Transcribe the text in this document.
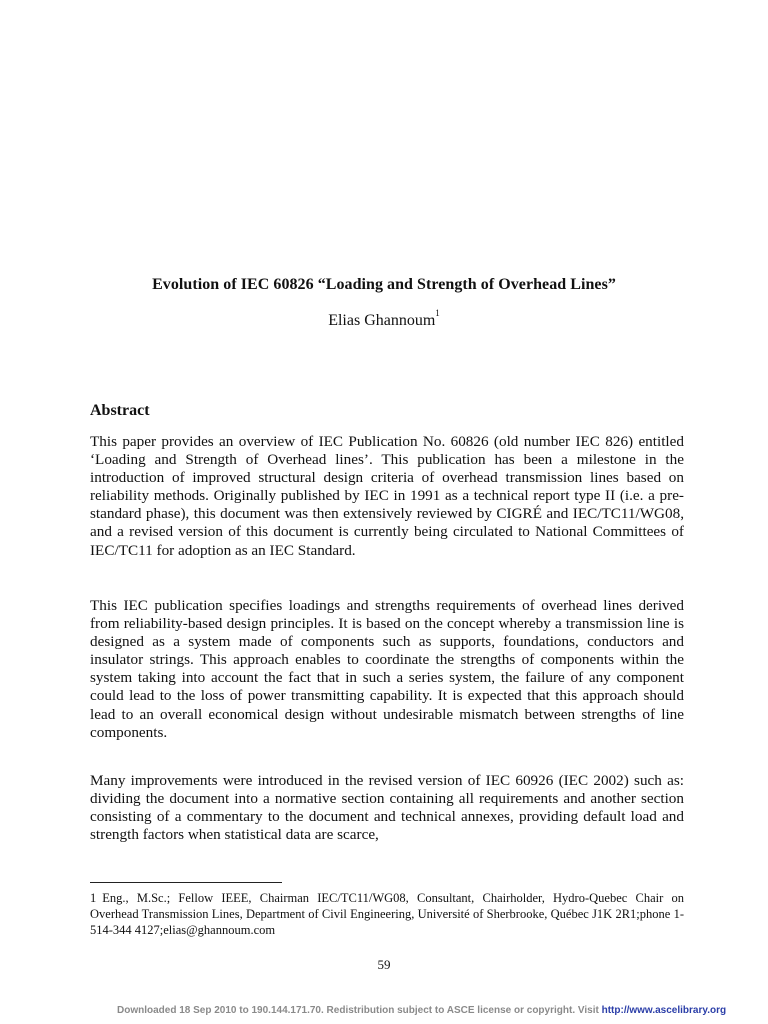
Evolution of IEC 60826 “Loading and Strength of Overhead Lines”
Elias Ghannoum$^1$
Abstract

This paper provides an overview of IEC Publication No. 60826 (old number IEC 826) entitled ‘Loading and Strength of Overhead lines’. This publication has been a milestone in the introduction of improved structural design criteria of overhead transmission lines based on reliability methods. Originally published by IEC in 1991 as a technical report type II (i.e. a pre-standard phase), this document was then extensively reviewed by CIGRÉ and IEC/TC11/WG08, and a revised version of this document is currently being circulated to National Committees of IEC/TC11 for adoption as an IEC Standard.

This IEC publication specifies loadings and strengths requirements of overhead lines derived from reliability-based design principles. It is based on the concept whereby a transmission line is designed as a system made of components such as supports, foundations, conductors and insulator strings. This approach enables to coordinate the strengths of components within the system taking into account the fact that in such a series system, the failure of any component could lead to the loss of power transmitting capability. It is expected that this approach should lead to an overall economical design without undesirable mismatch between strengths of line components.

Many improvements were introduced in the revised version of IEC 60926 (IEC 2002) such as: dividing the document into a normative section containing all requirements and another section consisting of a commentary to the document and technical annexes, providing default load and strength factors when statistical data are scarce,

1 Eng., M.Sc.; Fellow IEEE, Chairman IEC/TC11/WG08, Consultant, Chairholder, Hydro-Quebec Chair on Overhead Transmission Lines, Department of Civil Engineering, Université of Sherbrooke, Québec J1K 2R1;phone 1-514-344 4127;elias@ghannoum.com

59
Downloaded 18 Sep 2010 to 190.144.171.70. Redistribution subject to ASCE license or copyright. Visit http://www.ascelibrary.org
